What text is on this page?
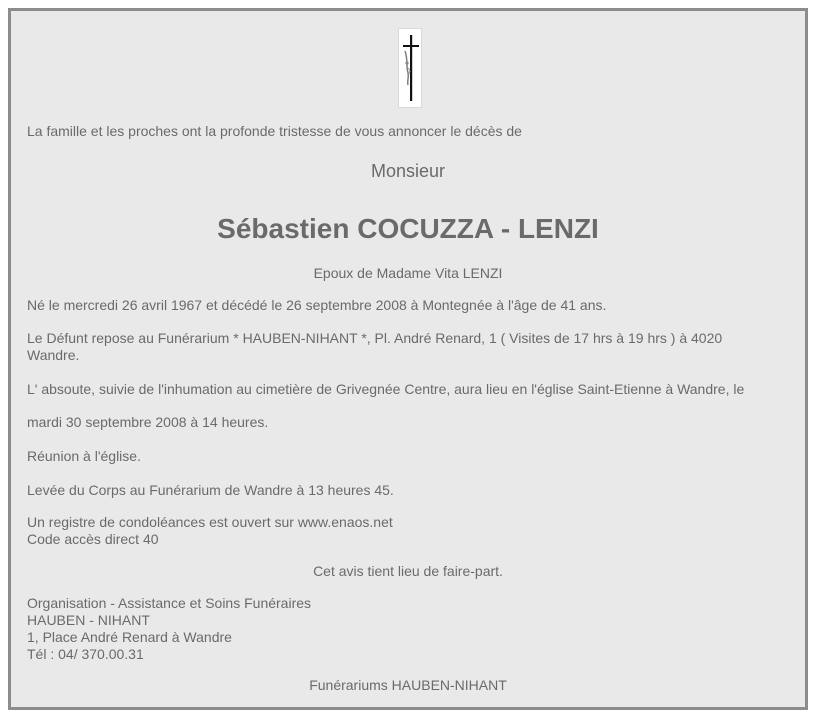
La famille et les proches ont la profonde tristesse de vous annoncer le décès de

Monsieur

Sébastien COCUZZA - LENZI

Epoux de Madame Vita LENZI

Né le mercredi 26 avril 1967 et décédé le 26 septembre 2008 à Montegnée à l'âge de 41 ans.

Le Défunt repose au Funérarium * HAUBEN-NIHANT *, Pl. André Renard, 1 ( Visites de 17 hrs à 19 hrs ) à 4020

Wandre.

L' absoute, suivie de l'inhumation au cimetière de Grivegnée Centre, aura lieu en l'église Saint-Etienne à Wandre, le

mardi 30 septembre 2008 à 14 heures.

Réunion à l'église.

Levée du Corps au Funérarium de Wandre à 13 heures 45.

Un registre de condoléances est ouvert sur www.enaos.net

Code accès direct 40

Cet avis tient lieu de faire-part.

Organisation - Assistance et Soins Funéraires

HAUBEN - NIHANT

1, Place André Renard à Wandre

Tél : 04/ 370.00.31

Funérariums HAUBEN-NIHANT
